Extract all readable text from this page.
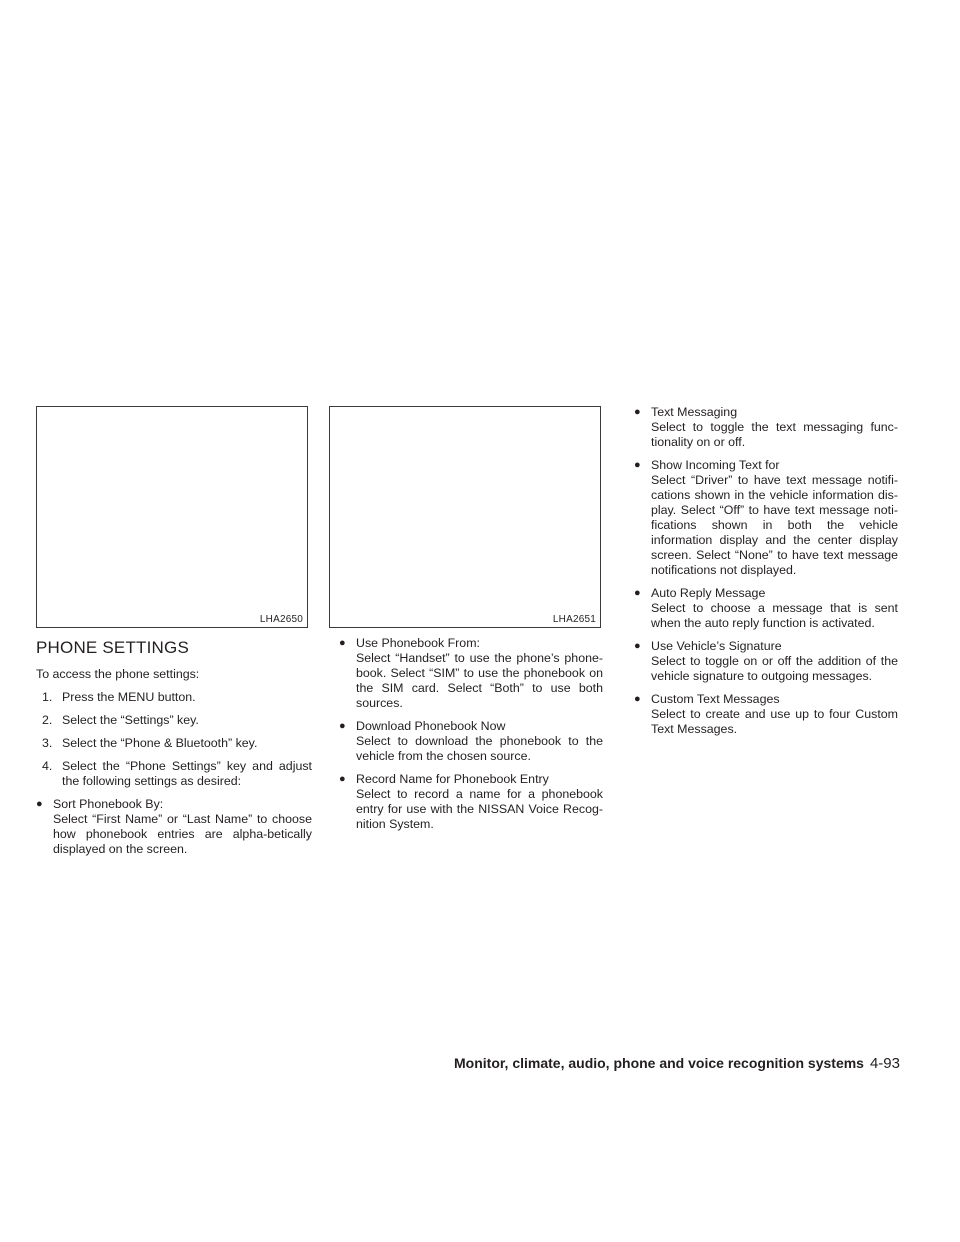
LHA2650	LHA2651
PHONE SETTINGS
To access the phone settings:
1. Press the MENU button.
2. Select the “Settings” key.
3. Select the “Phone & Bluetooth” key.
4. Select the “Phone Settings” key and adjust the following settings as desired:
● Sort Phonebook By:
Select “First Name” or “Last Name” to choose how phonebook entries are alpha-betically displayed on the screen.
● Use Phonebook From:
Select “Handset” to use the phone’s phone-book. Select “SIM” to use the phonebook on the SIM card. Select “Both” to use both sources.
● Download Phonebook Now
Select to download the phonebook to the vehicle from the chosen source.
● Record Name for Phonebook Entry
Select to record a name for a phonebook entry for use with the NISSAN Voice Recog-nition System.
● Text Messaging
Select to toggle the text messaging func-tionality on or off.
● Show Incoming Text for
Select “Driver” to have text message notifi-cations shown in the vehicle information dis-play. Select “Off” to have text message noti-fications shown in both the vehicle information display and the center display screen. Select “None” to have text message notifications not displayed.
● Auto Reply Message
Select to choose a message that is sent when the auto reply function is activated.
● Use Vehicle’s Signature
Select to toggle on or off the addition of the vehicle signature to outgoing messages.
● Custom Text Messages
Select to create and use up to four Custom Text Messages.
Monitor, climate, audio, phone and voice recognition systems 4-93
